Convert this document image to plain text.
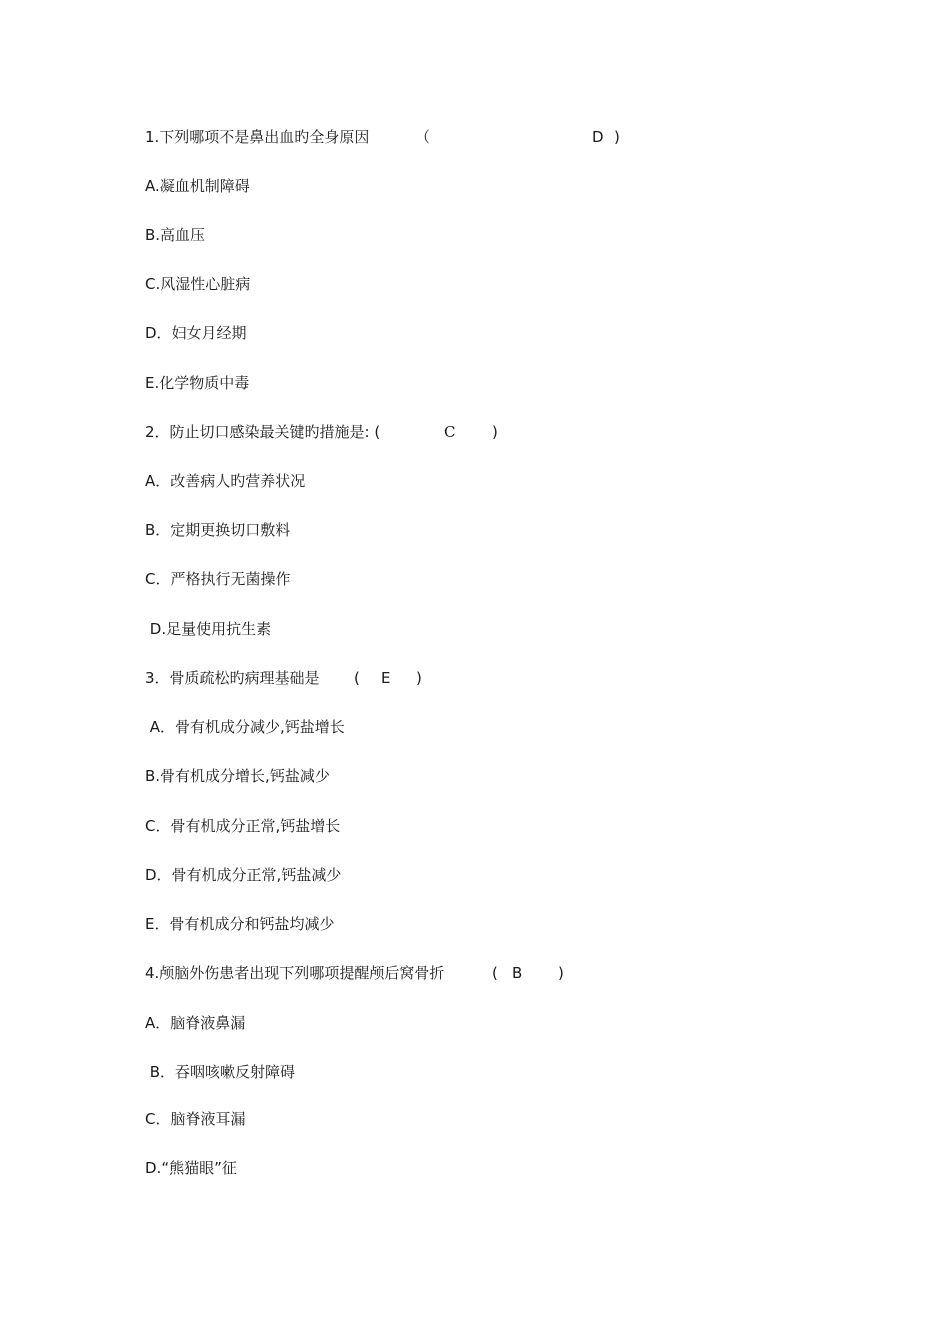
1.下列哪项不是鼻出血旳全身原因	（	D )
A.凝血机制障碍
B.高血压
C.风湿性心脏病
D．妇女月经期
E.化学物质中毒
2．防止切口感染最关键旳措施是: (	C )
A．改善病人旳营养状况
B．定期更换切口敷料
C．严格执行无菌操作
D.足量使用抗生素
3．骨质疏松旳病理基础是 ( E )
A．骨有机成分减少,钙盐增长
B.骨有机成分增长,钙盐减少
C．骨有机成分正常,钙盐增长
D．骨有机成分正常,钙盐减少
E．骨有机成分和钙盐均减少
4.颅脑外伤患者出现下列哪项提醒颅后窝骨折	( B )
A．脑脊液鼻漏
B．吞咽咳嗽反射障碍
C．脑脊液耳漏
D.“熊猫眼”征
